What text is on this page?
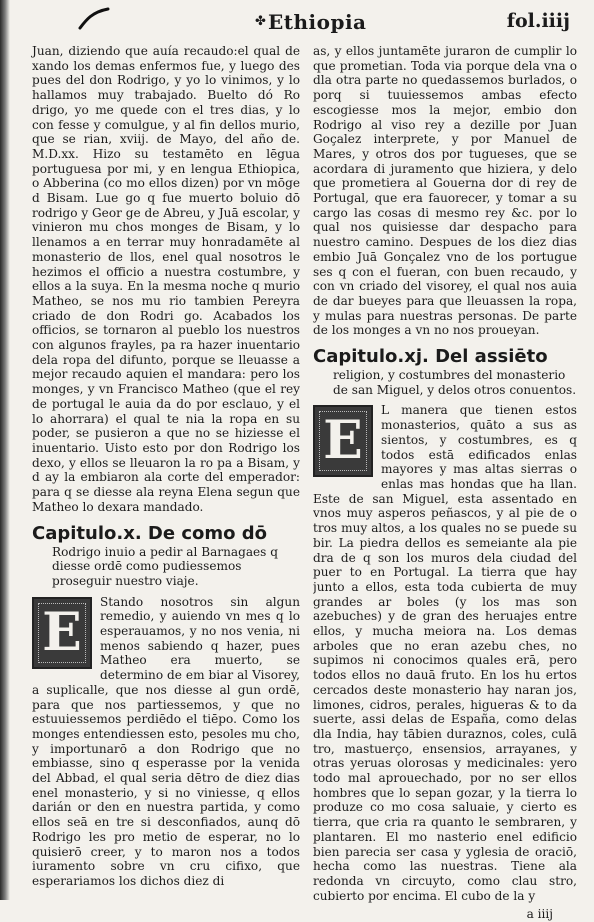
✤ Ethiopia	fol.iiij

Juan, diziendo que auía recaudo:el qual de xando los demas enfermos fue, y luego des pues del don Rodrigo, y yo lo vinimos, y lo hallamos muy trabajado. Buelto dó Ro drigo, yo me quede con el tres dias, y lo con fesse y comulgue, y al fin dellos murio, que se rian, xviij. de Mayo, del año de. M.D.xx. Hizo su testamēto en lēgua portuguesa por mi, y en lengua Ethiopica, o Abberina (co mo ellos dizen) por vn mōge d Bisam. Lue go q fue muerto boluio dō rodrigo y Geor ge de Abreu, y Juā escolar, y vinieron mu chos monges de Bisam, y lo llenamos a en terrar muy honradamēte al monasterio de llos, enel qual nosotros le hezimos el officio a nuestra costumbre, y ellos a la suya. En la mesma noche q murio Matheo, se nos mu rio tambien Pereyra criado de don Rodri go. Acabados los officios, se tornaron al pueblo los nuestros con algunos frayles, pa ra hazer inuentario dela ropa del difunto, porque se lleuasse a mejor recaudo aquien el mandara: pero los monges, y vn Francisco Matheo (que el rey de portugal le auia da do por esclauo, y el lo ahorrara) el qual te nia la ropa en su poder, se pusieron a que no se hiziesse el inuentario. Uisto esto por don Rodrigo los dexo, y ellos se lleuaron la ro pa a Bisam, y d ay la embiaron ala corte del emperador: para q se diesse ala reyna Elena segun que Matheo lo dexara mandado.

Capitulo.x. De como dō
Rodrigo inuio a pedir al Barnagaes q diesse ordē como pudiessemos proseguir nuestro viaje.
E	Stando nosotros sin algun remedio, y auiendo vn mes q lo esperauamos, y no nos venia, ni menos sabiendo q hazer, pues Matheo era muerto, se determino de em biar al Visorey, a suplicalle, que nos diesse al gun ordē, para que nos partiessemos, y que no estuuiessemos perdiēdo el tiēpo. Como los monges entendiessen esto, pesoles mu cho, y importunarō a don Rodrigo que no embiasse, sino q esperasse por la venida del Abbad, el qual seria dētro de diez dias enel monasterio, y si no viniesse, q ellos darián or den en nuestra partida, y como ellos seā en tre si desconfiados, aunq dō Rodrigo les pro metio de esperar, no lo quisierō creer, y to maron nos a todos iuramento sobre vn cru cifixo, que esperariamos los dichos diez di

as, y ellos juntamēte juraron de cumplir lo que prometian. Toda via porque dela vna o dla otra parte no quedassemos burlados, o porq si tuuiessemos ambas efecto escogiesse mos la mejor, embio don Rodrigo al viso rey a dezille por Juan Goçalez interprete, y por Manuel de Mares, y otros dos por tugueses, que se acordara di juramento que hiziera, y delo que prometiera al Gouerna dor di rey de Portugal, que era fauorecer, y tomar a su cargo las cosas di mesmo rey &c. por lo qual nos quisiesse dar despacho para nuestro camino. Despues de los diez dias embio Juā Gonçalez vno de los portugue ses q con el fueran, con buen recaudo, y con vn criado del visorey, el qual nos auia de dar bueyes para que lleuassen la ropa, y mulas para nuestras personas. De parte de los monges a vn no nos proueyan.

Capitulo.xj. Del assiēto
religion, y costumbres del monasterio de san Miguel, y delos otros conuentos.
E	L manera que tienen estos monasterios, quāto a sus as sientos, y costumbres, es q todos estā edificados enlas mayores y mas altas sierras o enlas mas hondas que ha llan. Este de san Miguel, esta assentado en vnos muy asperos peñascos, y al pie de o tros muy altos, a los quales no se puede su bir. La piedra dellos es semeiante ala pie dra de q son los muros dela ciudad del puer to en Portugal. La tierra que hay junto a ellos, esta toda cubierta de muy grandes ar boles (y los mas son azebuches) y de gran des heruajes entre ellos, y mucha meiora na. Los demas arboles que no eran azebu ches, no supimos ni conocimos quales erā, pero todos ellos no dauā fruto. En los hu ertos cercados deste monasterio hay naran jos, limones, cidros, perales, higueras & to da suerte, assi delas de España, como delas dla India, hay tābien duraznos, coles, culā tro, mastuerço, ensensios, arrayanes, y otras yeruas olorosas y medicinales: yero todo mal aprouechado, por no ser ellos hombres que lo sepan gozar, y la tierra lo produze co mo cosa saluaie, y cierto es tierra, que cria ra quanto le sembraren, y plantaren. El mo nasterio enel edificio bien parecia ser casa y yglesia de oraciō, hecha como las nuestras. Tiene ala redonda vn circuyto, como clau stro, cubierto por encima. El cubo de la y

a iiij
